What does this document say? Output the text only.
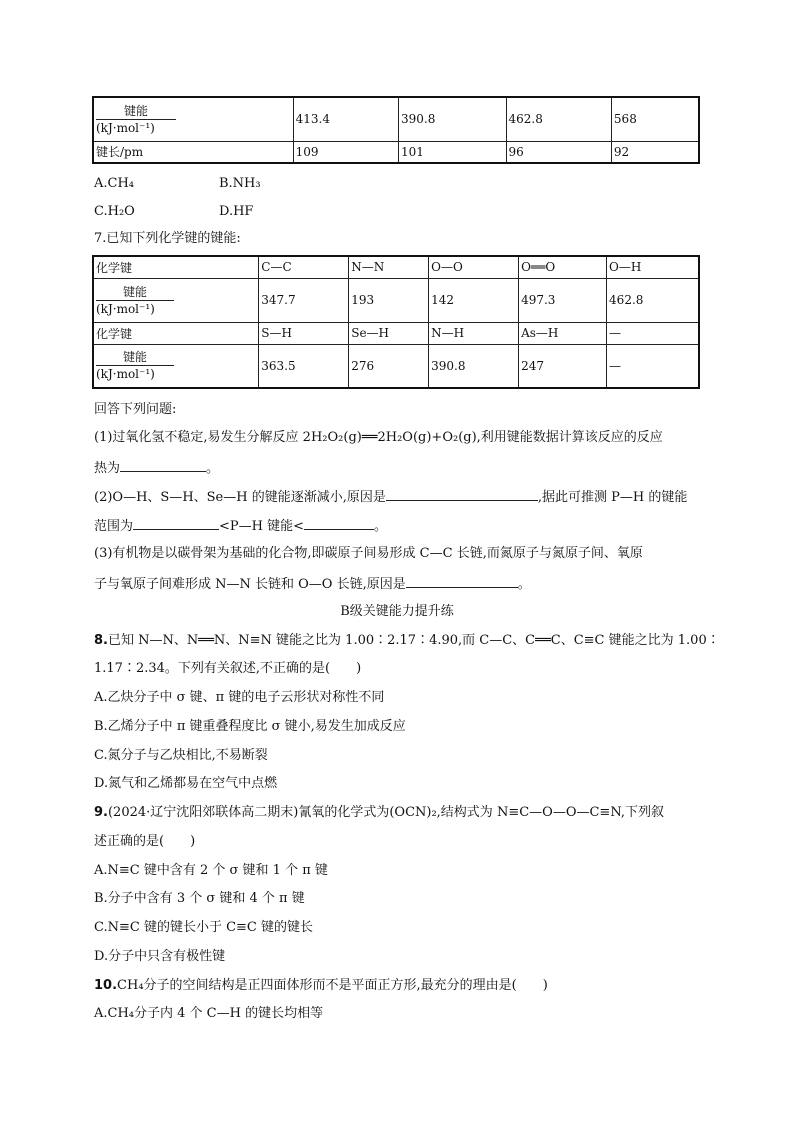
键能
(kJ·mol⁻¹)	413.4	390.8	462.8	568
键长/pm	109	101	96	92
A.CH₄	B.NH₃
C.H₂O	D.HF
7.已知下列化学键的键能:
化学键	C—C	N—N	O—O	O══O	O—H

键能
(kJ·mol⁻¹)	347.7	193	142	497.3	462.8
化学键	S—H	Se—H	N—H	As—H	—

键能
(kJ·mol⁻¹)	363.5	276	390.8	247	—
回答下列问题:
(1)过氧化氢不稳定,易发生分解反应 2H₂O₂(g)══2H₂O(g)+O₂(g),利用键能数据计算该反应的反应
热为	。
(2)O—H、S—H、Se—H 的键能逐渐减小,原因是	,据此可推测 P—H 的键能
范围为	<P—H 键能<	。
(3)有机物是以碳骨架为基础的化合物,即碳原子间易形成 C—C 长链,而氮原子与氮原子间、氧原
子与氧原子间难形成 N—N 长链和 O—O 长链,原因是	。
B级关键能力提升练
8.已知 N—N、N══N、N≡N 键能之比为 1.00∶2.17∶4.90,而 C—C、C══C、C≡C 键能之比为 1.00∶
1.17∶2.34。下列有关叙述,不正确的是(　　)
A.乙炔分子中 σ 键、π 键的电子云形状对称性不同
B.乙烯分子中 π 键重叠程度比 σ 键小,易发生加成反应
C.氮分子与乙炔相比,不易断裂
D.氮气和乙烯都易在空气中点燃
9.(2024·辽宁沈阳郊联体高二期末)氰氧的化学式为(OCN)₂,结构式为 N≡C—O—O—C≡N,下列叙
述正确的是(　　)
A.N≡C 键中含有 2 个 σ 键和 1 个 π 键
B.分子中含有 3 个 σ 键和 4 个 π 键
C.N≡C 键的键长小于 C≡C 键的键长
D.分子中只含有极性键
10.CH₄分子的空间结构是正四面体形而不是平面正方形,最充分的理由是(　　)
A.CH₄分子内 4 个 C—H 的键长均相等
